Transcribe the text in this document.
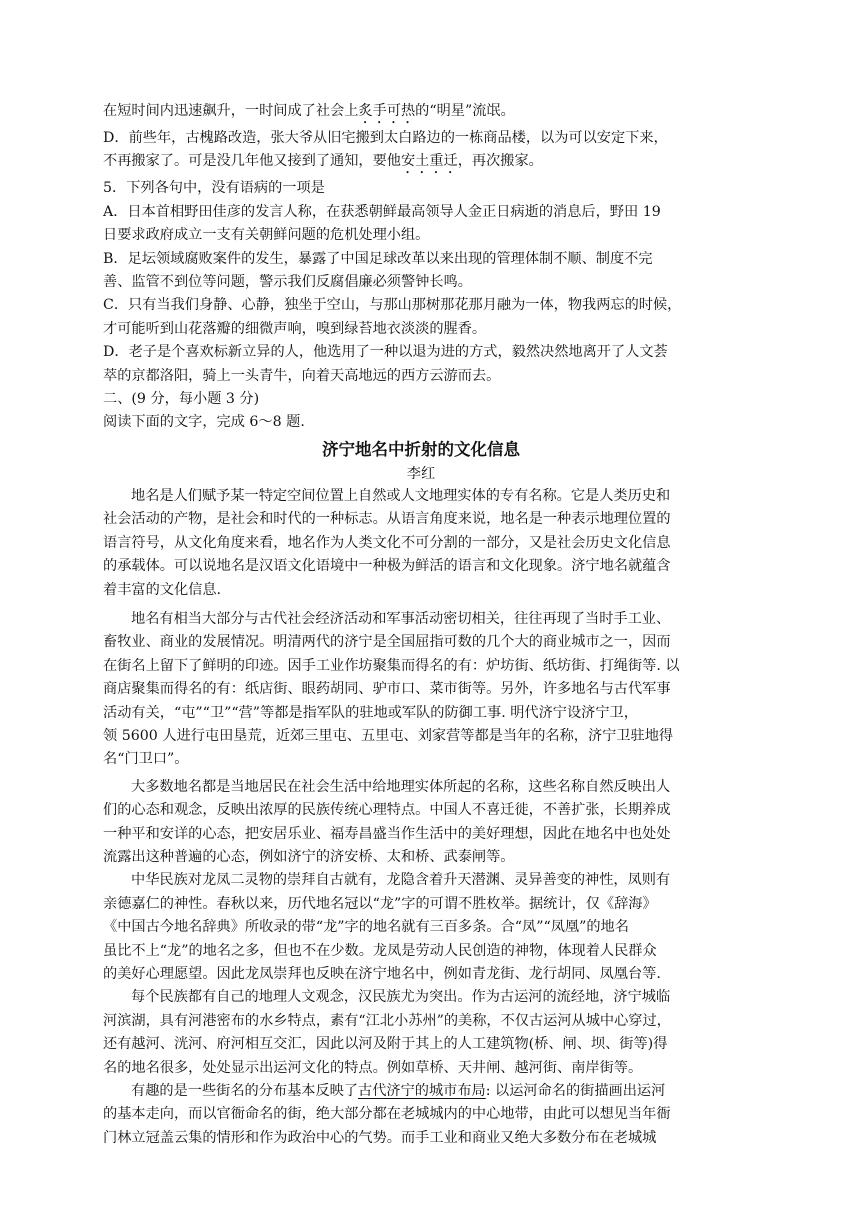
在短时间内迅速飙升，一时间成了社会上炙手可热的“明星”流氓。
D．前些年，古槐路改造，张大爷从旧宅搬到太白路边的一栋商品楼，以为可以安定下来，
不再搬家了。可是没几年他又接到了通知，要他安土重迁，再次搬家。
5．下列各句中，没有语病的一项是
A．日本首相野田佳彦的发言人称，在获悉朝鲜最高领导人金正日病逝的消息后，野田 19
日要求政府成立一支有关朝鲜问题的危机处理小组。
B．足坛领域腐败案件的发生，暴露了中国足球改革以来出现的管理体制不顺、制度不完
善、监管不到位等问题，警示我们反腐倡廉必须警钟长鸣。
C．只有当我们身静、心静，独坐于空山，与那山那树那花那月融为一体，物我两忘的时候，
才可能听到山花落瓣的细微声响，嗅到绿苔地衣淡淡的腥香。
D．老子是个喜欢标新立异的人，他选用了一种以退为进的方式，毅然决然地离开了人文荟
萃的京都洛阳，骑上一头青牛，向着天高地远的西方云游而去。
二、(9 分，每小题 3 分)
阅读下面的文字，完成 6～8 题.
济宁地名中折射的文化信息
李红
地名是人们赋予某一特定空间位置上自然或人文地理实体的专有名称。它是人类历史和
社会活动的产物，是社会和时代的一种标志。从语言角度来说，地名是一种表示地理位置的
语言符号，从文化角度来看，地名作为人类文化不可分割的一部分，又是社会历史文化信息
的承载体。可以说地名是汉语文化语境中一种极为鲜活的语言和文化现象。济宁地名就蕴含
着丰富的文化信息.
地名有相当大部分与古代社会经济活动和军事活动密切相关，往往再现了当时手工业、
畜牧业、商业的发展情况。明清两代的济宁是全国屈指可数的几个大的商业城市之一，因而
在街名上留下了鲜明的印迹。因手工业作坊聚集而得名的有：炉坊街、纸坊街、打绳街等. 以
商店聚集而得名的有：纸店街、眼药胡同、驴市口、菜市街等。另外，许多地名与古代军事
活动有关，“屯”“卫”“营”等都是指军队的驻地或军队的防御工事. 明代济宁设济宁卫，
领 5600 人进行屯田垦荒，近郊三里屯、五里屯、刘家营等都是当年的名称，济宁卫驻地得
名“门卫口”。
大多数地名都是当地居民在社会生活中给地理实体所起的名称，这些名称自然反映出人
们的心态和观念，反映出浓厚的民族传统心理特点。中国人不喜迁徙，不善扩张，长期养成
一种平和安详的心态，把安居乐业、福寿昌盛当作生活中的美好理想，因此在地名中也处处
流露出这种普遍的心态，例如济宁的济安桥、太和桥、武泰闸等。
中华民族对龙凤二灵物的崇拜自古就有，龙隐含着升天潜渊、灵异善变的神性，凤则有
亲德嘉仁的神性。春秋以来，历代地名冠以“龙”字的可谓不胜枚举。据统计，仅《辞海》
《中国古今地名辞典》所收录的带“龙”字的地名就有三百多条。合“凤”“凤凰”的地名
虽比不上“龙”的地名之多，但也不在少数。龙凤是劳动人民创造的神物，体现着人民群众
的美好心理愿望。因此龙凤崇拜也反映在济宁地名中，例如青龙街、龙行胡同、凤凰台等.
每个民族都有自己的地理人文观念，汉民族尤为突出。作为古运河的流经地，济宁城临
河滨湖，具有河港密布的水乡特点，素有“江北小苏州”的美称，不仅古运河从城中心穿过，
还有越河、洸河、府河相互交汇，因此以河及附于其上的人工建筑物(桥、闸、坝、街等)得
名的地名很多，处处显示出运河文化的特点。例如草桥、天井闸、越河街、南岸街等。
有趣的是一些街名的分布基本反映了古代济宁的城市布局: 以运河命名的街描画出运河
的基本走向，而以官衙命名的街，绝大部分都在老城城内的中心地带，由此可以想见当年衙
门林立冠盖云集的情形和作为政治中心的气势。而手工业和商业又绝大多数分布在老城城
